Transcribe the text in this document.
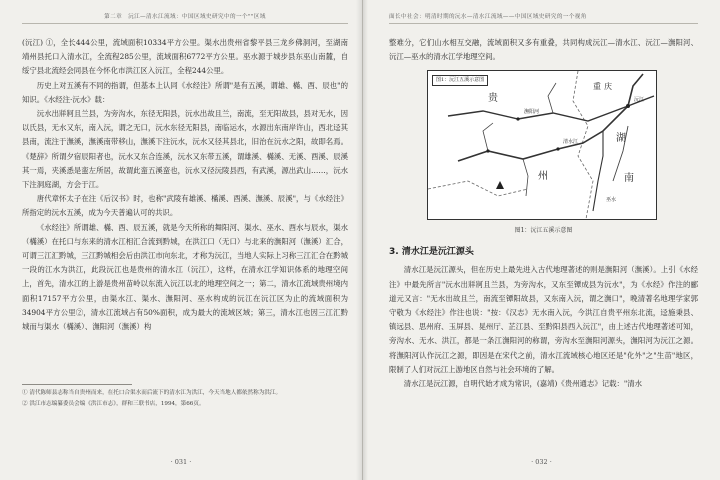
第二章　沅江—清水江流域：中国区域史研究中的一个""区域

(沅江) ①，全长444公里，流域面积10334平方公里。渠水出贵州省黎平县三龙乡佛洞河，至湖南靖州县托口入清水江，全流程285公里，流域面积6772平方公里。巫水源于城步县东巫山南麓，自绥宁县北流经会同县在今怀化市洪江区入沅江，全程244公里。

历史上对五溪有不同的指谓，但基本上认同《水经注》所谓"是有五溪，谓雄、樠、酉、辰也"的知识。《水经注·沅水》载：

沅水出牂牁且兰县，为旁沟水，东径无阳县，沅水出故且兰，南流，至无阳故县，县对无水，因以氏县，无水又东，南入沅，谓之无口，沅水东径无阳县，南临运水，水源出东南岸许山，西北迳其县南，流注于潕溪，潕溪南带移山，潕溪下注沅水，沅水又径其县北，旧治在沅水之阳，故即名焉。《楚辞》所谓夕宿辰阳者也，沅水又东合连溪，沅水又东带五溪，谓雄溪、樠溪、无溪、酉溪、辰溪其一焉，夹溪悉是蛮左所居，故谓此蛮五溪蛮也，沅水又径沅陵县西，有武溪，源出武山……，沅水下注洞庭湖，方会于江。

唐代章怀太子在注《后汉书》时，也称"武陵有雄溪、樠溪、酉溪、潕溪、辰溪"，与《水经注》所指定的沅水五溪，成为今天普遍认可的共识。

《水经注》所谓雄、樠、酉、辰五溪，就是今天所称的舞阳河、渠水、巫水、酉水与辰水，渠水（樠溪）在托口与东来的清水江相汇合流到黔城，在洪江口（无口）与北来的潕阳河（潕溪）汇合，可谓三江汇黔城，三江黔城相会后由洪江市向东北，才称为沅江，当地人实际上习称三江汇合在黔城一段的江水为洪江，此段沅江也是贵州的清水江（沅江），这样，在清水江学知识体系的地理空间上，首先，清水江的上游是贵州苗岭以东流入沅江以北的地理空间之一；第二，清水江流域贵州境内面积17157平方公里，由渠水江、渠水、潕阳河、巫水构成的沅江在沅江区为止的流域面积为34904平方公里②，清水江流域占有50%面积，成为最大的流域区域；第三，清水江也因三江汇黔城而与渠水（樠溪）、潕阳河（潕溪）构

① 清代陈师县志称当自贵州而来，在托口合渠水而后流下的清水江为洪江，今天当地人都依然称为洪江。

② 洪江市志编纂委员会编《洪江市志》，群和三联书店，1994，第66页。

· 031 ·
面长中社会：明清时期的沅水—清水江流域——中国区域史研究的一个视角

整难分，它们山水相互交融，流域面积又多有重叠，共同构成沅江—清水江、沅江—潕阳河、沅江—巫水的清水江学地理空间。

贵
州
湖
南
重 庆
沅江
清水江
潕阳河
巫水
图1：沅江五溪示意图
图1：沅江五溪示意图
3. 清水江是沅江源头

清水江是沅江源头，但在历史上最先进入古代地理著述的则是潕阳河（潕溪）。上引《水经注》中最先所言"沅水出牂牁且兰县，为旁沟水，又东至镡成县为沅水"，为《水经》作注的郦道元又言："无水出故且兰，南流至镡阳故县，又东南入沅，谓之潕口"，晚清著名地理学家郭守敬为《水经注》作注也说："按：《汉志》无水南入沅，今洪江自贵平州东北流，迳施秉县、镇远县、思州府、玉屏县、晃州厅、芷江县、至黔阳县西入沅江"，由上述古代地理著述可知，旁沟水、无水、洪江，都是一条江潕阳河的称谓，旁沟水至潕阳河源头，潕阳河为沅江之源。将潕阳河认作沅江之源，即因是在宋代之前，清水江流域核心地区还是"化外"之"生苗"地区，限制了人们对沅江上游地区自然与社会环境的了解。

清水江是沅江源，自明代始才成为常识，(嘉靖)《贵州通志》记载："清水

· 032 ·
